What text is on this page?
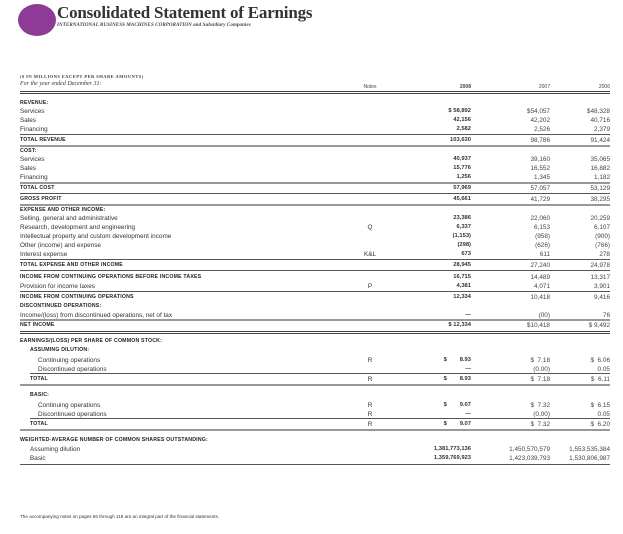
Consolidated Statement of Earnings
INTERNATIONAL BUSINESS MACHINES CORPORATION and Subsidiary Companies
($ IN MILLIONS EXCEPT PER SHARE AMOUNTS)
For the year ended December 31:	Notes	2008	2007	2006
REVENUE:
Services	$ 58,892	$54,057	$48,328
Sales	42,156	42,202	40,716
Financing	2,582	2,526	2,379
TOTAL REVENUE	103,630	98,786	91,424
COST:
Services	40,937	39,160	35,065
Sales	15,776	16,552	16,882
Financing	1,256	1,345	1,182
TOTAL COST	57,969	57,057	53,129
GROSS PROFIT	45,661	41,729	38,295
EXPENSE AND OTHER INCOME:
Selling, general and administrative	23,386	22,060	20,259
Research, development and engineering	Q	6,337	6,153	6,107
Intellectual property and custom development income	(1,153)	(958)	(900)
Other (income) and expense	(298)	(626)	(766)
Interest expense	K&L	673	611	278
TOTAL EXPENSE AND OTHER INCOME	28,945	27,240	24,978
INCOME FROM CONTINUING OPERATIONS BEFORE INCOME TAXES	16,715	14,489	13,317
Provision for income taxes	P	4,381	4,071	3,901
INCOME FROM CONTINUING OPERATIONS	12,334	10,418	9,416
DISCONTINUED OPERATIONS:
Income/(loss) from discontinued operations, net of tax	—	(00)	76
NET INCOME	$ 12,334	$10,418	$ 9,492
EARNINGS/(LOSS) PER SHARE OF COMMON STOCK:
ASSUMING DILUTION:
Continuing operations	R	$        8.93	$  7.18	$  6.06
Discontinued operations	—	(0.00)	0.05
TOTAL	R	$        8.93	$  7.18	$  6.11
BASIC:
Continuing operations	R	$        9.07	$  7.32	$  6.15
Discontinued operations	R	—	(0.00)	0.05
TOTAL	R	$        9.07	$  7.32	$  6.20
WEIGHTED-AVERAGE NUMBER OF COMMON SHARES OUTSTANDING:
Assuming dilution	1,381,773,136	1,450,570,579	1,553,535,384
Basic	1,359,769,923	1,423,039,793	1,530,806,987
The accompanying notes on pages 66 through 119 are an integral part of the financial statements.
